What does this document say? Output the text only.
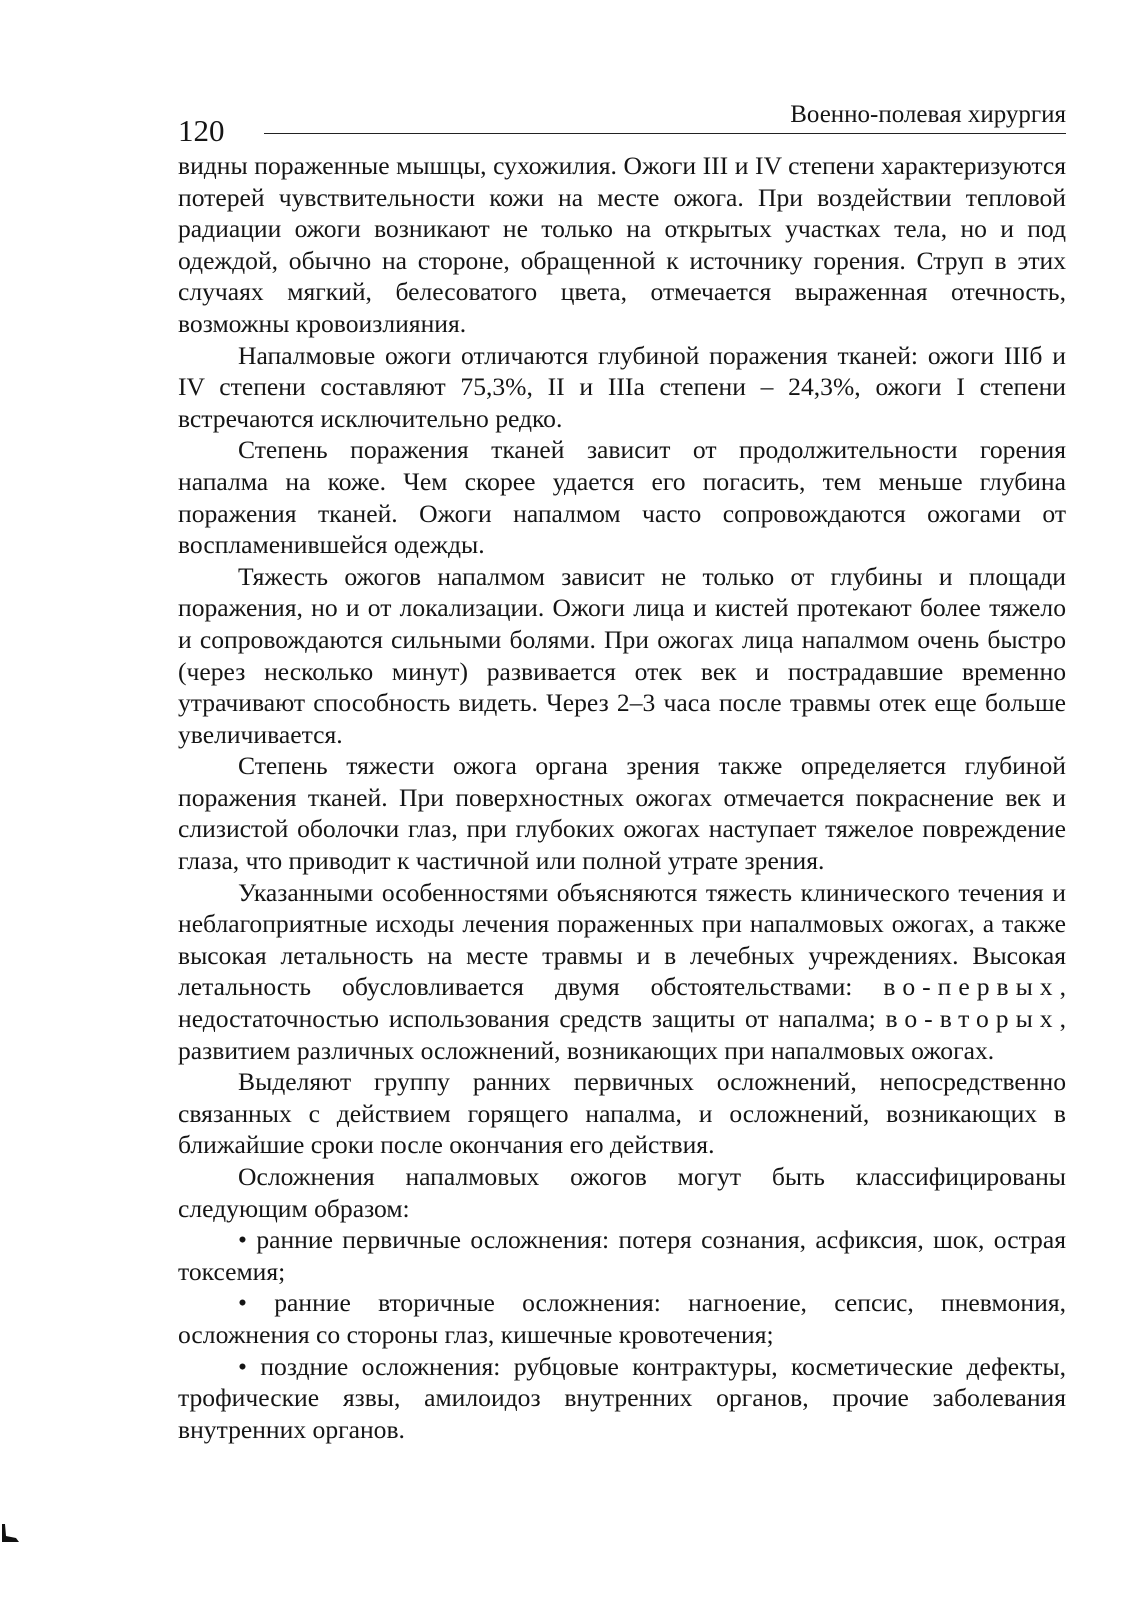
120	Военно-полевая хирургия

видны пораженные мышцы, сухожилия. Ожоги III и IV степени характеризуются потерей чувствительности кожи на месте ожога. При воздействии тепловой радиации ожоги возникают не только на открытых участках тела, но и под одеждой, обычно на стороне, обращенной к источнику горения. Струп в этих случаях мягкий, белесоватого цвета, отмечается выраженная отечность, возможны кровоизлияния.

Напалмовые ожоги отличаются глубиной поражения тканей: ожоги IIIб и IV степени составляют 75,3%, II и IIIа степени – 24,3%, ожоги I степени встречаются исключительно редко.

Степень поражения тканей зависит от продолжительности горения напалма на коже. Чем скорее удается его погасить, тем меньше глубина поражения тканей. Ожоги напалмом часто сопровождаются ожогами от воспламенившейся одежды.

Тяжесть ожогов напалмом зависит не только от глубины и площади поражения, но и от локализации. Ожоги лица и кистей протекают более тяжело и сопровождаются сильными болями. При ожогах лица напалмом очень быстро (через несколько минут) развивается отек век и пострадавшие временно утрачивают способность видеть. Через 2–3 часа после травмы отек еще больше увеличивается.

Степень тяжести ожога органа зрения также определяется глубиной поражения тканей. При поверхностных ожогах отмечается покраснение век и слизистой оболочки глаз, при глубоких ожогах наступает тяжелое повреждение глаза, что приводит к частичной или полной утрате зрения.

Указанными особенностями объясняются тяжесть клинического течения и неблагоприятные исходы лечения пораженных при напалмовых ожогах, а также высокая летальность на месте травмы и в лечебных учреждениях. Высокая летальность обусловливается двумя обстоятельствами: во-первых, недостаточностью использования средств защиты от напалма; во-вторых, развитием различных осложнений, возникающих при напалмовых ожогах.

Выделяют группу ранних первичных осложнений, непосредственно связанных с действием горящего напалма, и осложнений, возникающих в ближайшие сроки после окончания его действия.

Осложнения напалмовых ожогов могут быть классифицированы следующим образом:

• ранние первичные осложнения: потеря сознания, асфиксия, шок, острая токсемия;

• ранние вторичные осложнения: нагноение, сепсис, пневмония, осложнения со стороны глаз, кишечные кровотечения;

• поздние осложнения: рубцовые контрактуры, косметические дефекты, трофические язвы, амилоидоз внутренних органов, прочие заболевания внутренних органов.
